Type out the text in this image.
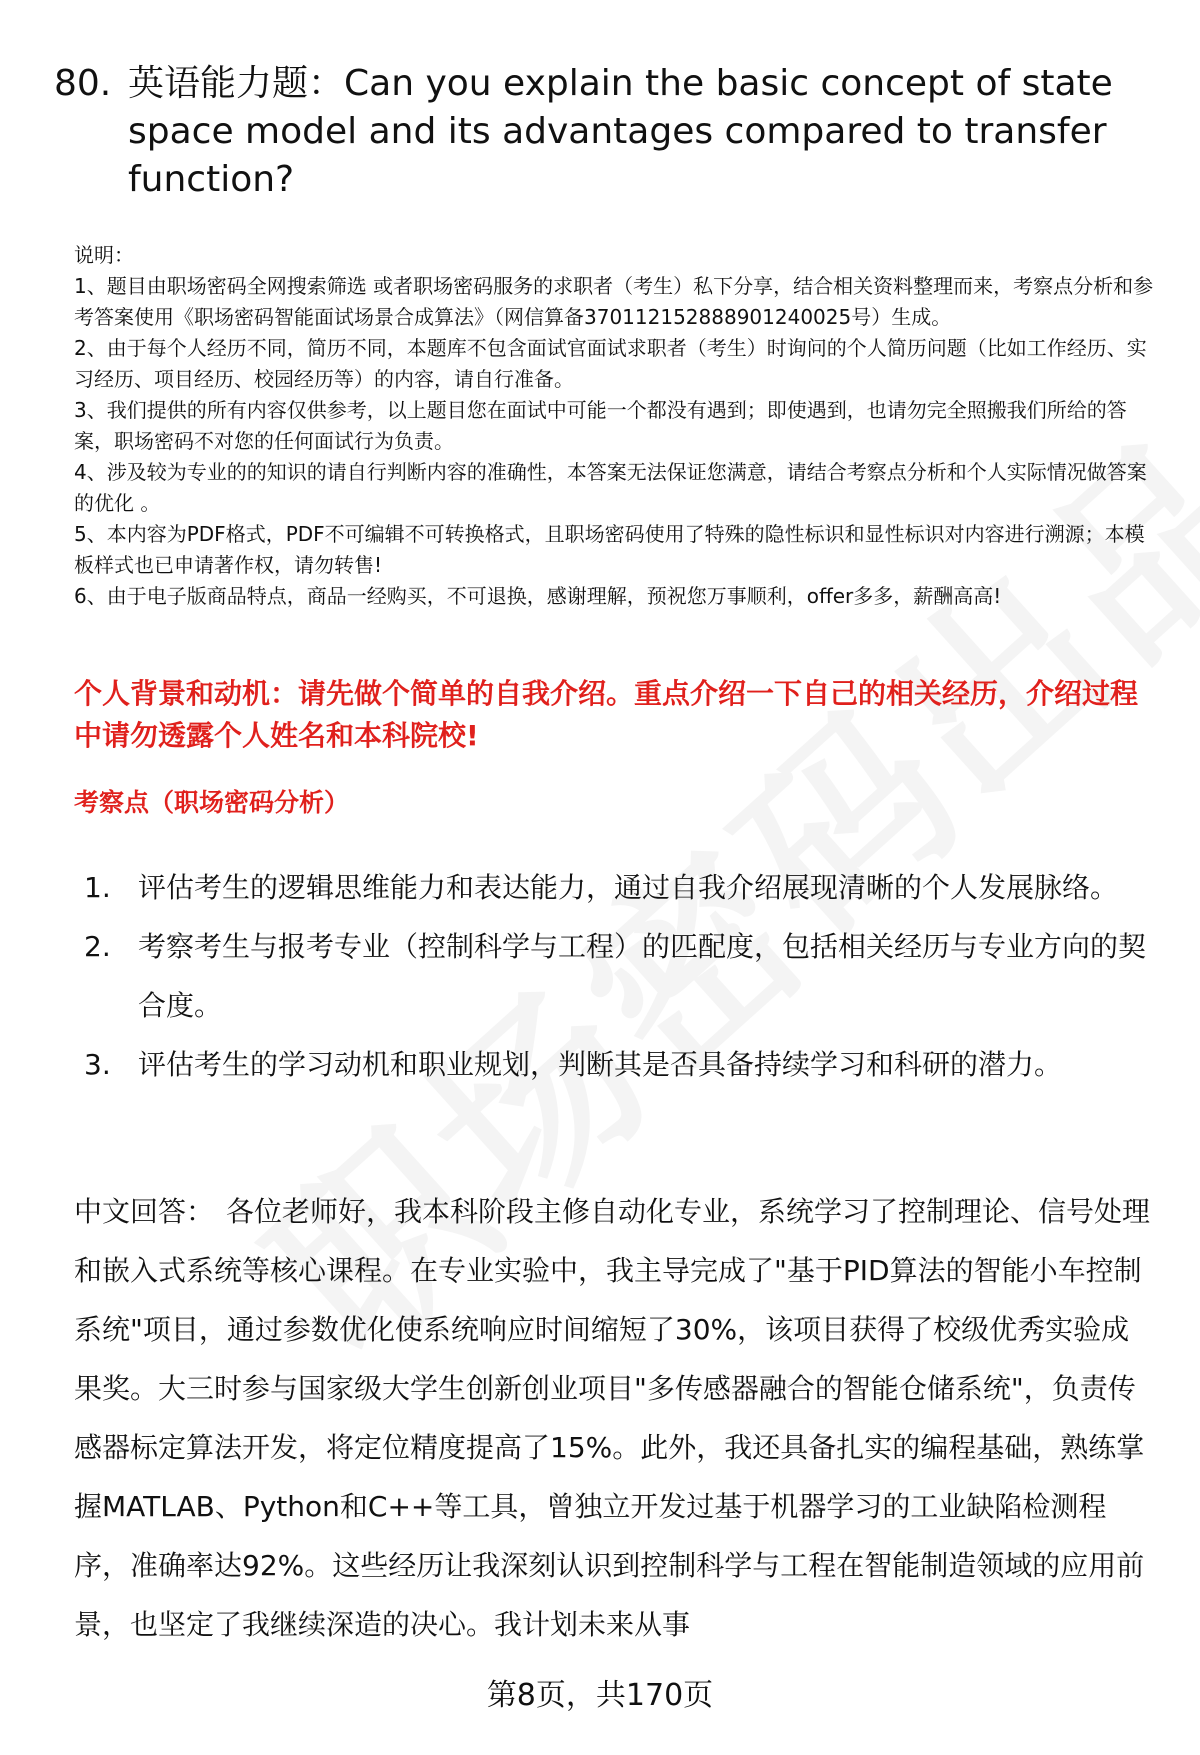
80. 英语能力题：Can you explain the basic concept of state space model and its advantages compared to transfer function?

说明：

1、题目由职场密码全网搜索筛选 或者职场密码服务的求职者（考生）私下分享，结合相关资料整理而来，考察点分析和参考答案使用《职场密码智能面试场景合成算法》（网信算备370112152888901240025号）生成。

2、由于每个人经历不同，简历不同，本题库不包含面试官面试求职者（考生）时询问的个人简历问题（比如工作经历、实习经历、项目经历、校园经历等）的内容，请自行准备。

3、我们提供的所有内容仅供参考，以上题目您在面试中可能一个都没有遇到；即使遇到，也请勿完全照搬我们所给的答案，职场密码不对您的任何面试行为负责。

4、涉及较为专业的的知识的请自行判断内容的准确性，本答案无法保证您满意，请结合考察点分析和个人实际情况做答案的优化 。

5、本内容为PDF格式，PDF不可编辑不可转换格式，且职场密码使用了特殊的隐性标识和显性标识对内容进行溯源；本模板样式也已申请著作权，请勿转售!

6、由于电子版商品特点，商品一经购买，不可退换，感谢理解，预祝您万事顺利，offer多多，薪酬高高!

个人背景和动机：请先做个简单的自我介绍。重点介绍一下自己的相关经历，介绍过程中请勿透露个人姓名和本科院校!
考察点（职场密码分析）
1. 评估考生的逻辑思维能力和表达能力，通过自我介绍展现清晰的个人发展脉络。
2. 考察考生与报考专业（控制科学与工程）的匹配度，包括相关经历与专业方向的契合度。
3. 评估考生的学习动机和职业规划，判断其是否具备持续学习和科研的潜力。
中文回答： 各位老师好，我本科阶段主修自动化专业，系统学习了控制理论、信号处理和嵌入式系统等核心课程。在专业实验中，我主导完成了"基于PID算法的智能小车控制系统"项目，通过参数优化使系统响应时间缩短了30%，该项目获得了校级优秀实验成果奖。大三时参与国家级大学生创新创业项目"多传感器融合的智能仓储系统"，负责传感器标定算法开发，将定位精度提高了15%。此外，我还具备扎实的编程基础，熟练掌握MATLAB、Python和C++等工具，曾独立开发过基于机器学习的工业缺陷检测程序，准确率达92%。这些经历让我深刻认识到控制科学与工程在智能制造领域的应用前景，也坚定了我继续深造的决心。我计划未来从事
第8页，共170页
